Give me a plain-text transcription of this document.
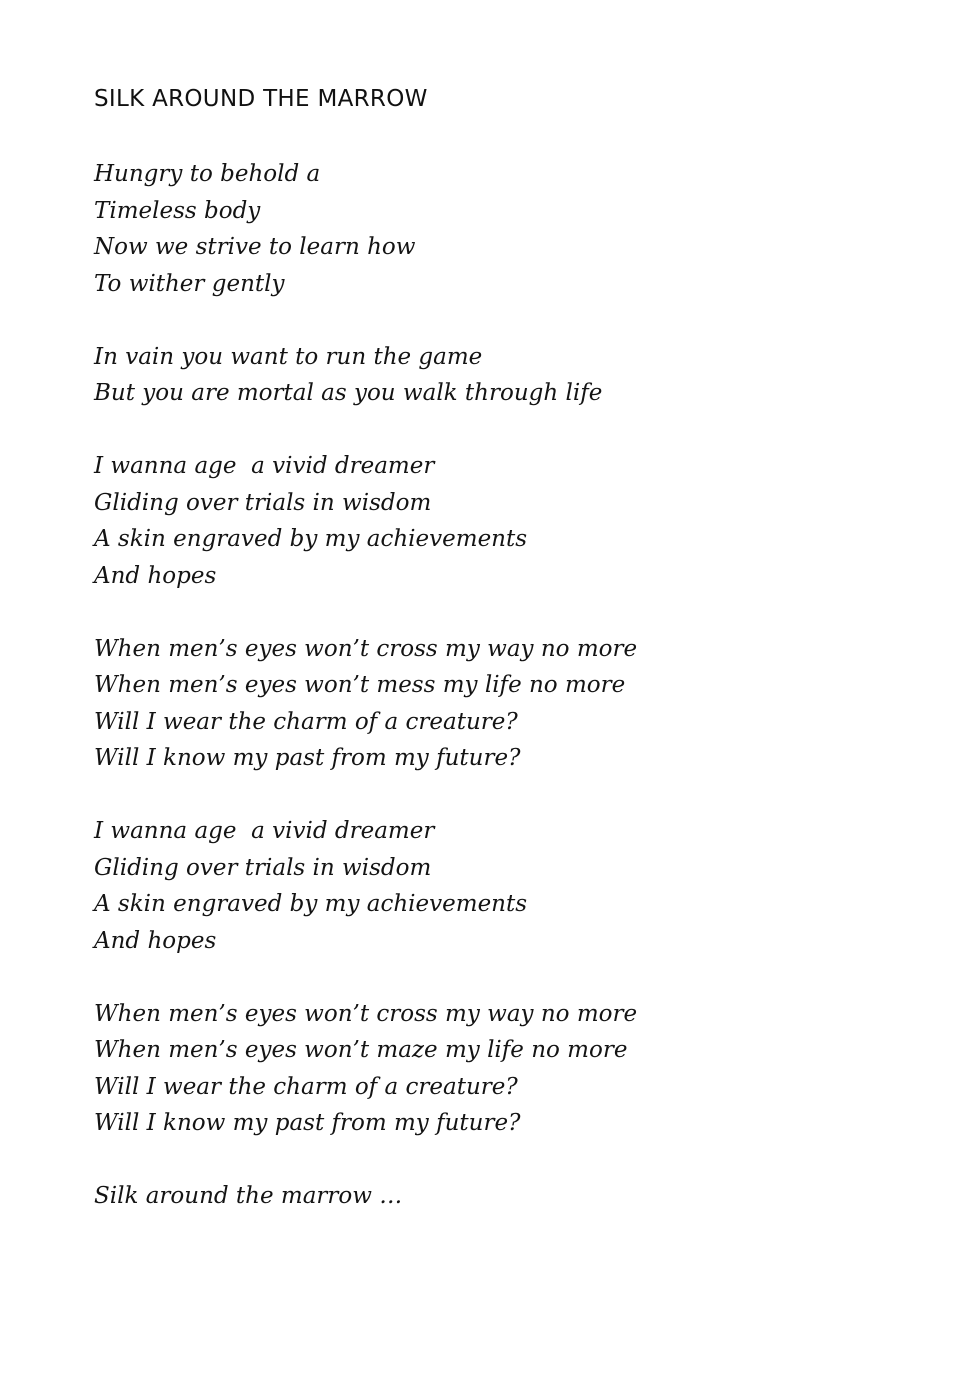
SILK AROUND THE MARROW
Hungry to behold a
Timeless body
Now we strive to learn how
To wither gently
In vain you want to run the game
But you are mortal as you walk through life
I wanna age  a vivid dreamer
Gliding over trials in wisdom
A skin engraved by my achievements
And hopes
When men’s eyes won’t cross my way no more
When men’s eyes won’t mess my life no more
Will I wear the charm of a creature?
Will I know my past from my future?
I wanna age  a vivid dreamer
Gliding over trials in wisdom
A skin engraved by my achievements
And hopes
When men’s eyes won’t cross my way no more
When men’s eyes won’t maze my life no more
Will I wear the charm of a creature?
Will I know my past from my future?
Silk around the marrow …
